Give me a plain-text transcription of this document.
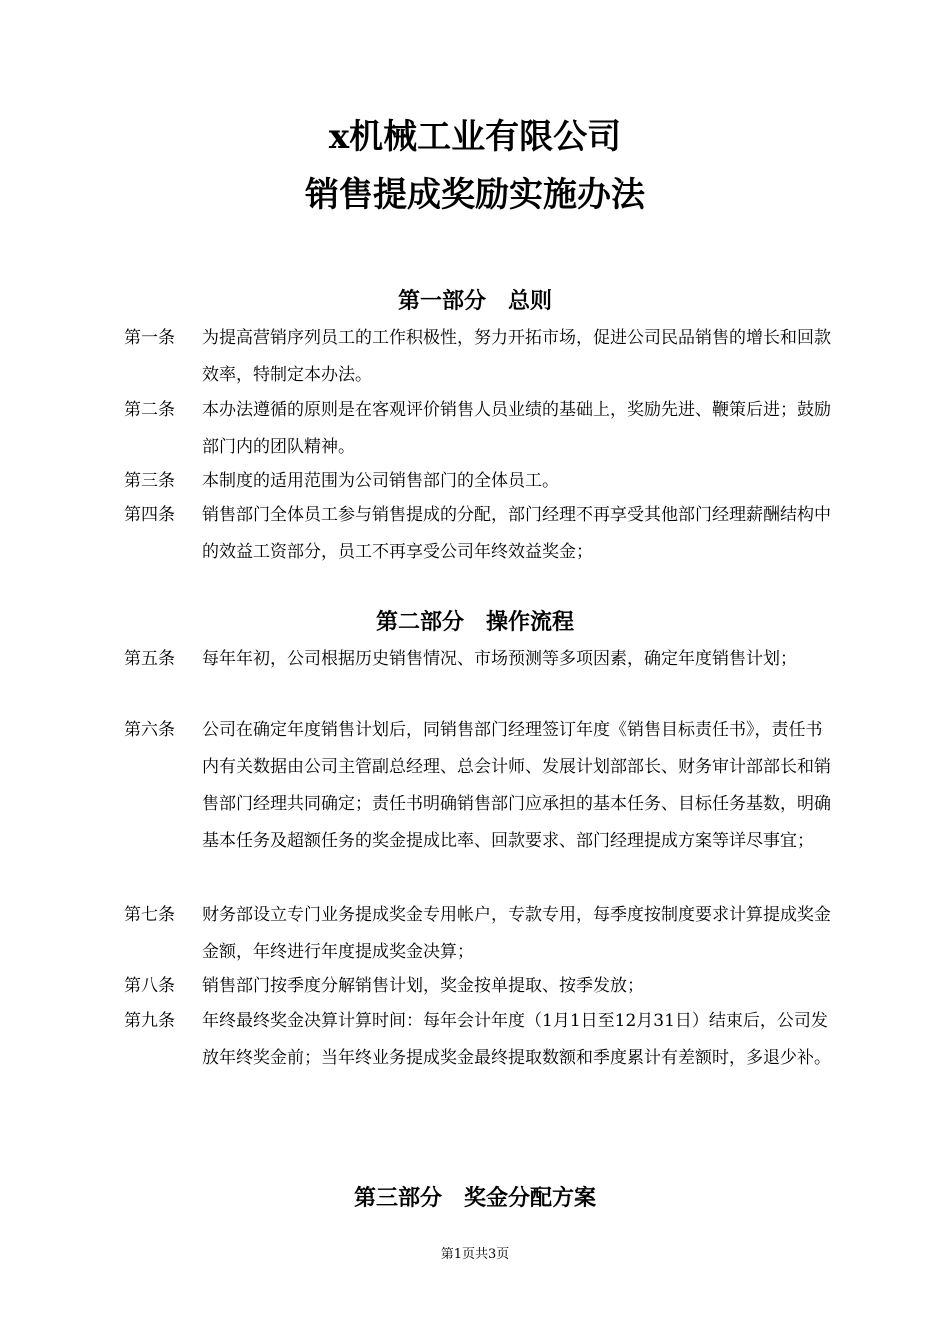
x机械工业有限公司
销售提成奖励实施办法
第一部分　总则
第一条	为提高营销序列员工的工作积极性，努力开拓市场，促进公司民品销售的增长和回款效率，特制定本办法。
第二条	本办法遵循的原则是在客观评价销售人员业绩的基础上，奖励先进、鞭策后进；鼓励部门内的团队精神。
第三条	本制度的适用范围为公司销售部门的全体员工。
第四条	销售部门全体员工参与销售提成的分配，部门经理不再享受其他部门经理薪酬结构中的效益工资部分，员工不再享受公司年终效益奖金；
第二部分　操作流程
第五条	每年年初，公司根据历史销售情况、市场预测等多项因素，确定年度销售计划；
第六条	公司在确定年度销售计划后，同销售部门经理签订年度《销售目标责任书》，责任书内有关数据由公司主管副总经理、总会计师、发展计划部部长、财务审计部部长和销售部门经理共同确定；责任书明确销售部门应承担的基本任务、目标任务基数，明确基本任务及超额任务的奖金提成比率、回款要求、部门经理提成方案等详尽事宜；
第七条	财务部设立专门业务提成奖金专用帐户，专款专用，每季度按制度要求计算提成奖金金额，年终进行年度提成奖金决算；
第八条	销售部门按季度分解销售计划，奖金按单提取、按季发放；
第九条	年终最终奖金决算计算时间：每年会计年度（1月1日至12月31日）结束后，公司发放年终奖金前；当年终业务提成奖金最终提取数额和季度累计有差额时，多退少补。
第三部分　奖金分配方案
第1页共3页
